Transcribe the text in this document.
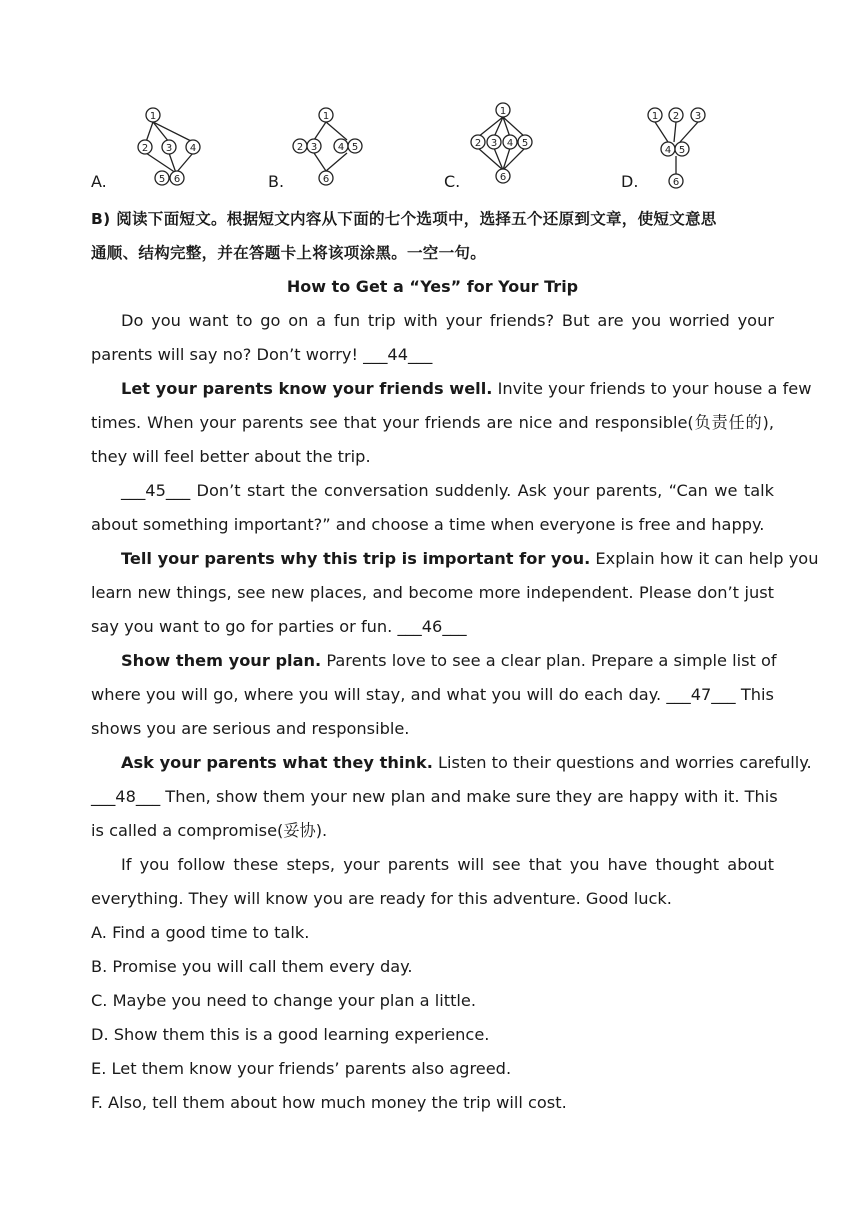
A.
1
2 3 4
5 6	B.
1
2 3 4 5
6	C.
1
2 3 4 5
6	D.
1 2 3
4 5
6
B) 阅读下面短文。根据短文内容从下面的七个选项中，选择五个还原到文章，使短文意思
通顺、结构完整，并在答题卡上将该项涂黑。一空一句。
How to Get a “Yes” for Your Trip
Do you want to go on a fun trip with your friends? But are you worried your
parents will say no? Don’t worry! ___44___
Let your parents know your friends well. Invite your friends to your house a few
times. When your parents see that your friends are nice and responsible(负责任的),
they will feel better about the trip.
___45___ Don’t start the conversation suddenly. Ask your parents, “Can we talk
about something important?” and choose a time when everyone is free and happy.
Tell your parents why this trip is important for you. Explain how it can help you
learn new things, see new places, and become more independent. Please don’t just
say you want to go for parties or fun. ___46___
Show them your plan. Parents love to see a clear plan. Prepare a simple list of
where you will go, where you will stay, and what you will do each day. ___47___ This
shows you are serious and responsible.
Ask your parents what they think. Listen to their questions and worries carefully.
___48___ Then, show them your new plan and make sure they are happy with it. This
is called a compromise(妥协).
If you follow these steps, your parents will see that you have thought about
everything. They will know you are ready for this adventure. Good luck.
A. Find a good time to talk.
B. Promise you will call them every day.
C. Maybe you need to change your plan a little.
D. Show them this is a good learning experience.
E. Let them know your friends’ parents also agreed.
F. Also, tell them about how much money the trip will cost.
